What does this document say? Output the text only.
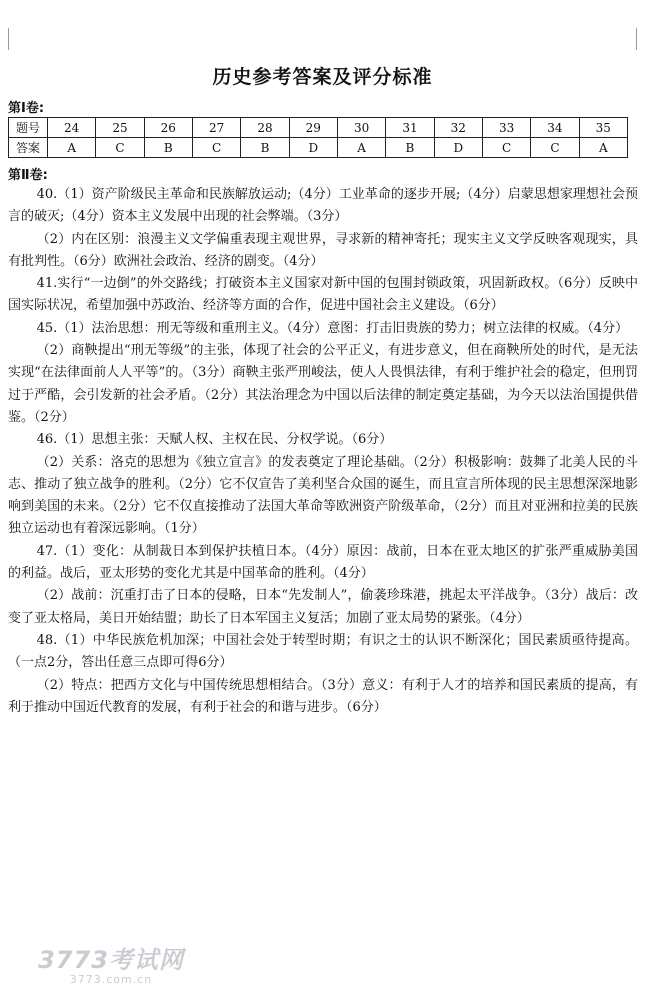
历史参考答案及评分标准
第Ⅰ卷:
题号	24	25	26	27	28	29	30	31	32	33	34	35
答案	A	C	B	C	B	D	A	B	D	C	C	A
第Ⅱ卷:

40.（1）资产阶级民主革命和民族解放运动;（4分）工业革命的逐步开展;（4分）启蒙思想家理想社会预言的破灭;（4分）资本主义发展中出现的社会弊端。（3分）

（2）内在区别：浪漫主义文学偏重表现主观世界，寻求新的精神寄托；现实主义文学反映客观现实，具有批判性。（6分）欧洲社会政治、经济的剧变。（4分）

41.实行“一边倒”的外交路线；打破资本主义国家对新中国的包围封锁政策，巩固新政权。（6分）反映中国实际状况，希望加强中苏政治、经济等方面的合作，促进中国社会主义建设。（6分）

45.（1）法治思想：刑无等级和重刑主义。（4分）意图：打击旧贵族的势力；树立法律的权威。（4分）

（2）商鞅提出“刑无等级”的主张，体现了社会的公平正义，有进步意义，但在商鞅所处的时代，是无法实现“在法律面前人人平等”的。（3分）商鞅主张严刑峻法，使人人畏惧法律，有利于维护社会的稳定，但刑罚过于严酷，会引发新的社会矛盾。（2分）其法治理念为中国以后法律的制定奠定基础，为今天以法治国提供借鉴。（2分）

46.（1）思想主张：天赋人权、主权在民、分权学说。（6分）

（2）关系：洛克的思想为《独立宣言》的发表奠定了理论基础。（2分）积极影响：鼓舞了北美人民的斗志、推动了独立战争的胜利。（2分）它不仅宣告了美利坚合众国的诞生，而且宣言所体现的民主思想深深地影响到美国的未来。（2分）它不仅直接推动了法国大革命等欧洲资产阶级革命，（2分）而且对亚洲和拉美的民族独立运动也有着深远影响。（1分）

47.（1）变化：从制裁日本到保护扶植日本。（4分）原因：战前，日本在亚太地区的扩张严重威胁美国的利益。战后，亚太形势的变化尤其是中国革命的胜利。（4分）

（2）战前：沉重打击了日本的侵略，日本“先发制人”，偷袭珍珠港，挑起太平洋战争。（3分）战后：改变了亚太格局，美日开始结盟；助长了日本军国主义复活；加剧了亚太局势的紧张。（4分）

48.（1）中华民族危机加深；中国社会处于转型时期；有识之士的认识不断深化；国民素质亟待提高。（一点2分，答出任意三点即可得6分）

（2）特点：把西方文化与中国传统思想相结合。（3分）意义：有利于人才的培养和国民素质的提高，有利于推动中国近代教育的发展，有利于社会的和谐与进步。（6分）

3773考试网
3773.com.cn
